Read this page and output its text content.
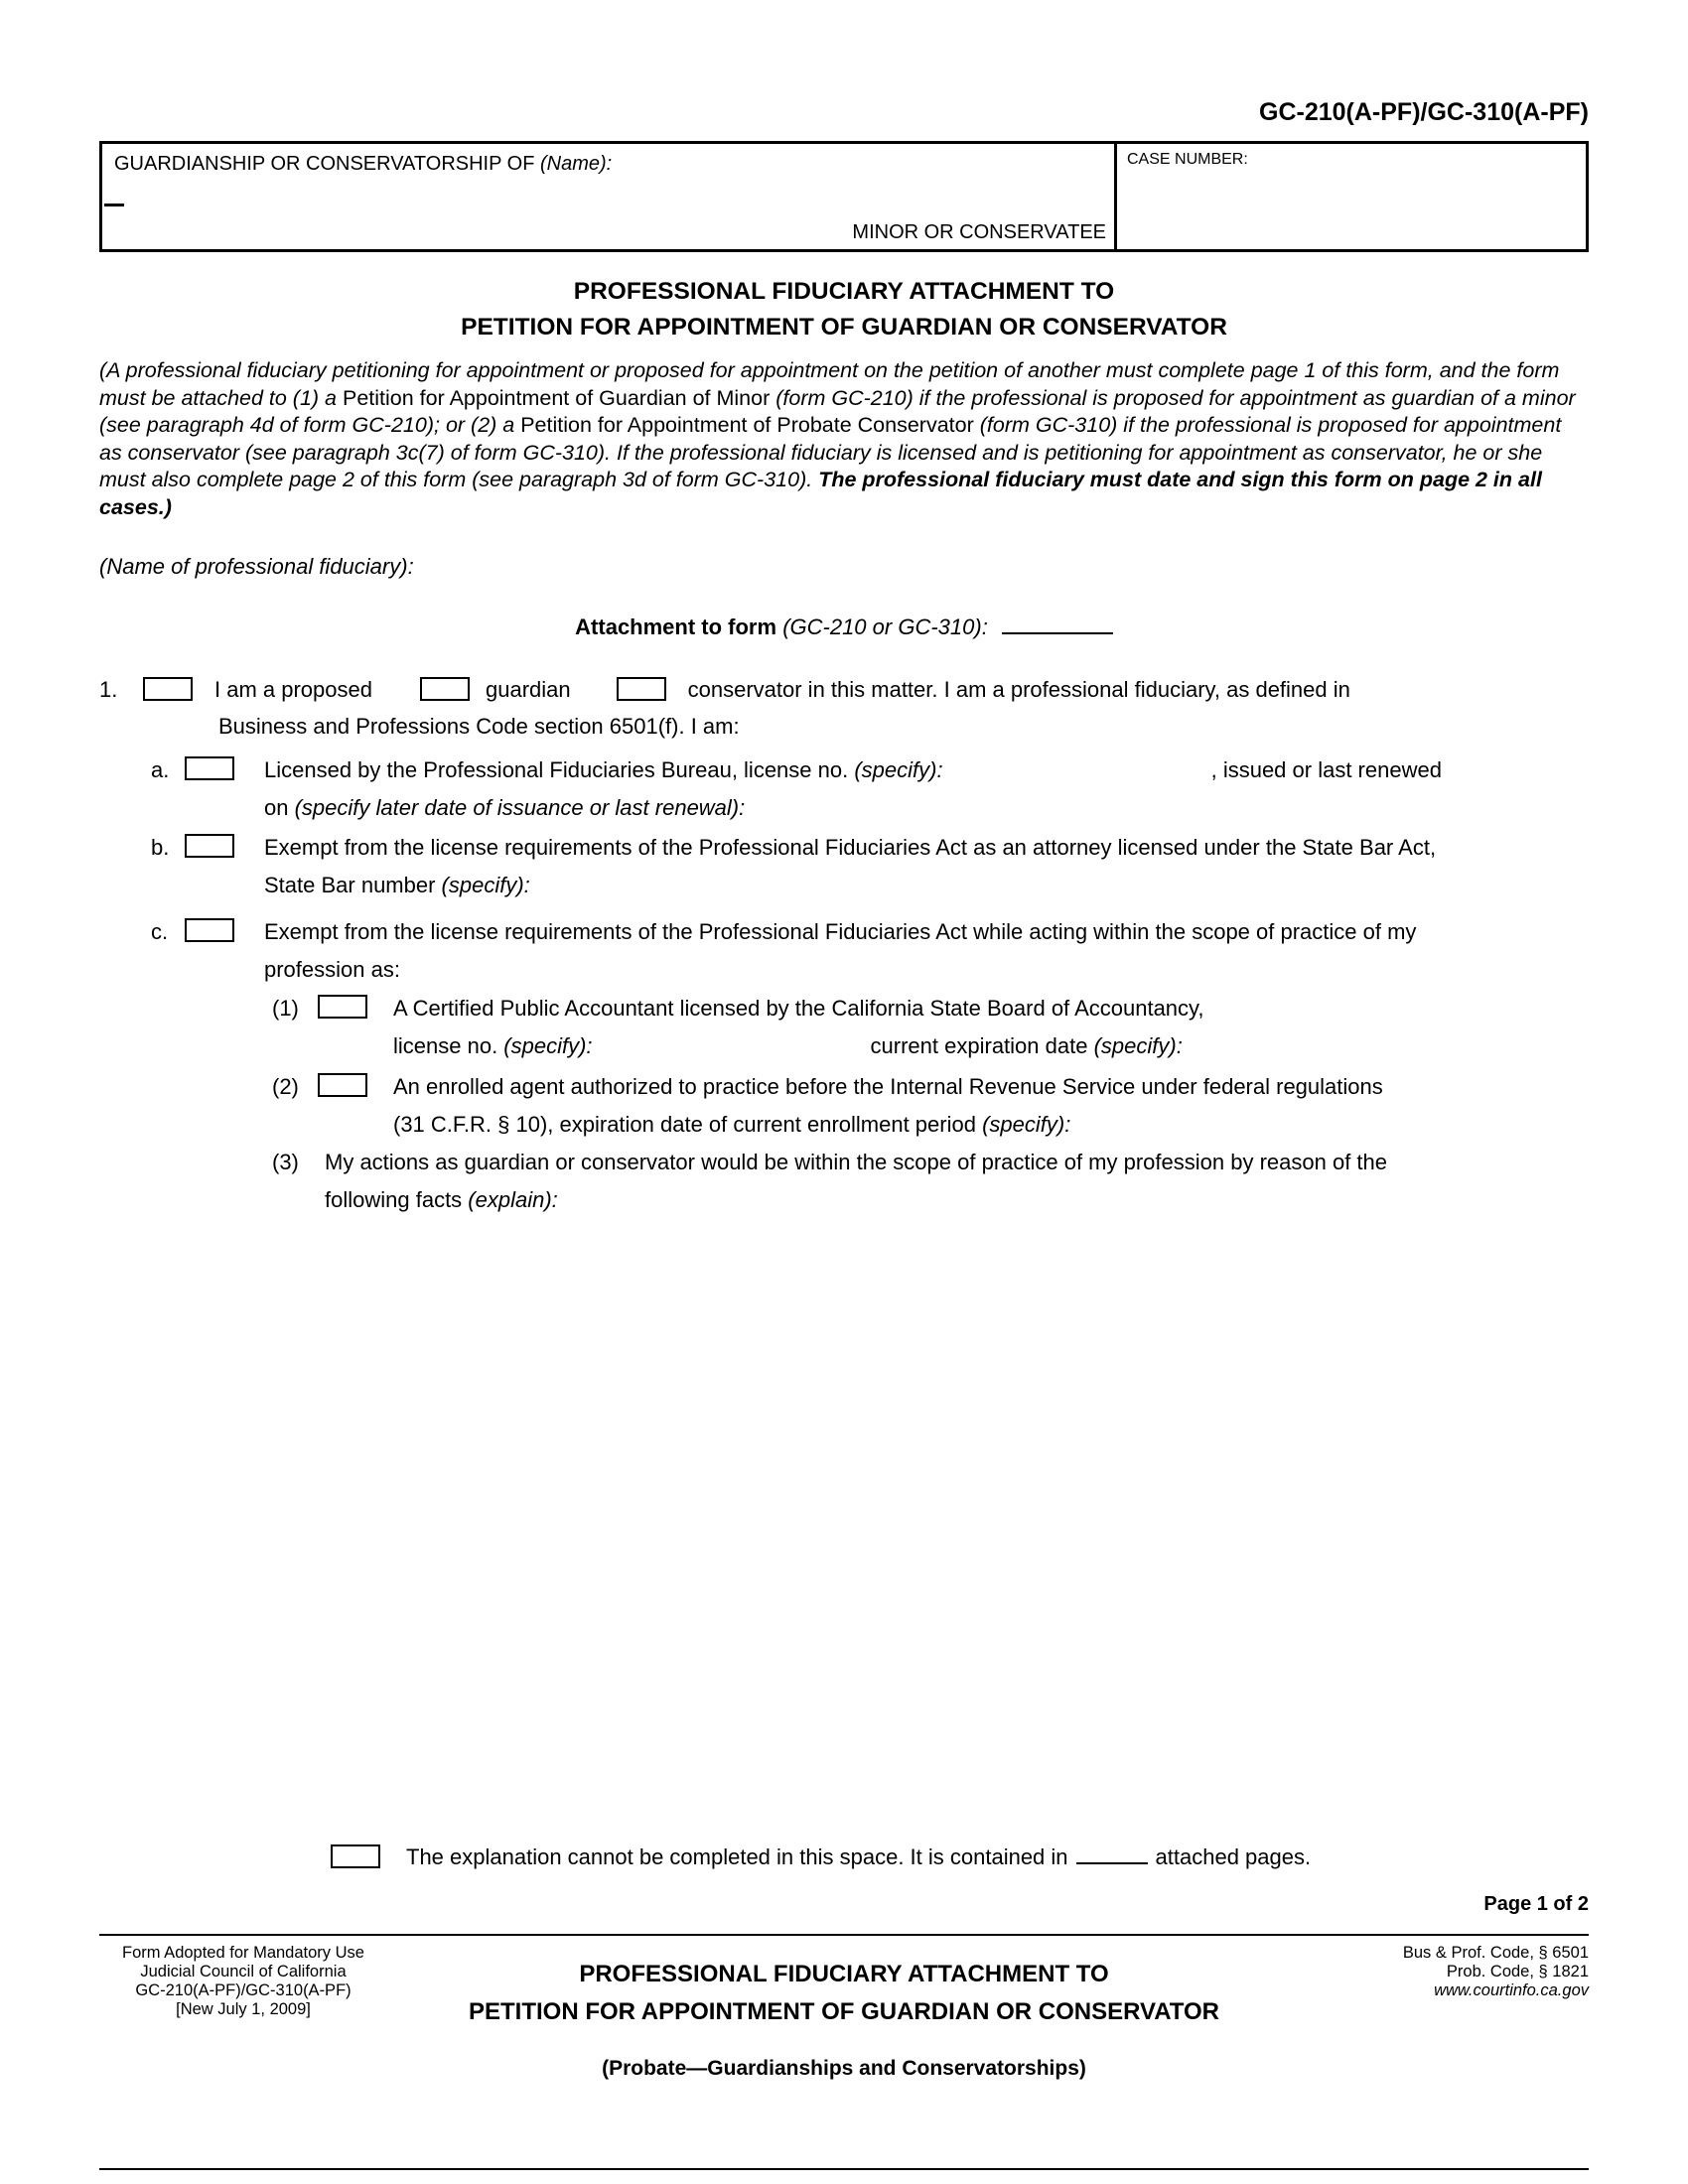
GC-210(A-PF)/GC-310(A-PF)
GUARDIANSHIP OR CONSERVATORSHIP OF (Name):
MINOR OR CONSERVATEE
CASE NUMBER:
PROFESSIONAL FIDUCIARY ATTACHMENT TO
PETITION FOR APPOINTMENT OF GUARDIAN OR CONSERVATOR
(A professional fiduciary petitioning for appointment or proposed for appointment on the petition of another must complete page 1 of this form, and the form must be attached to (1) a Petition for Appointment of Guardian of Minor (form GC-210) if the professional is proposed for appointment as guardian of a minor (see paragraph 4d of form GC-210); or (2) a Petition for Appointment of Probate Conservator (form GC-310) if the professional is proposed for appointment as conservator (see paragraph 3c(7) of form GC-310). If the professional fiduciary is licensed and is petitioning for appointment as conservator, he or she must also complete page 2 of this form (see paragraph 3d of form GC-310). The professional fiduciary must date and sign this form on page 2 in all cases.)
(Name of professional fiduciary):
Attachment to form (GC-210 or GC-310):
1.	I am a proposed	guardian	conservator in this matter. I am a professional fiduciary, as defined in
Business and Professions Code section 6501(f). I am:
a.	Licensed by the Professional Fiduciaries Bureau, license no. (specify):	, issued or last renewed
on (specify later date of issuance or last renewal):
b.	Exempt from the license requirements of the Professional Fiduciaries Act as an attorney licensed under the State Bar Act,
State Bar number (specify):
c.	Exempt from the license requirements of the Professional Fiduciaries Act while acting within the scope of practice of my
profession as:
(1)	A Certified Public Accountant licensed by the California State Board of Accountancy,
license no. (specify):	current expiration date (specify):
(2)	An enrolled agent authorized to practice before the Internal Revenue Service under federal regulations
(31 C.F.R. § 10), expiration date of current enrollment period (specify):
(3)	My actions as guardian or conservator would be within the scope of practice of my profession by reason of the
following facts (explain):
The explanation cannot be completed in this space. It is contained in	attached pages.
Page 1 of 2
Form Adopted for Mandatory Use
Judicial Council of California
GC-210(A-PF)/GC-310(A-PF)
[New July 1, 2009]
PROFESSIONAL FIDUCIARY ATTACHMENT TO
PETITION FOR APPOINTMENT OF GUARDIAN OR CONSERVATOR
(Probate—Guardianships and Conservatorships)
Bus & Prof. Code, § 6501
Prob. Code, § 1821
www.courtinfo.ca.gov
